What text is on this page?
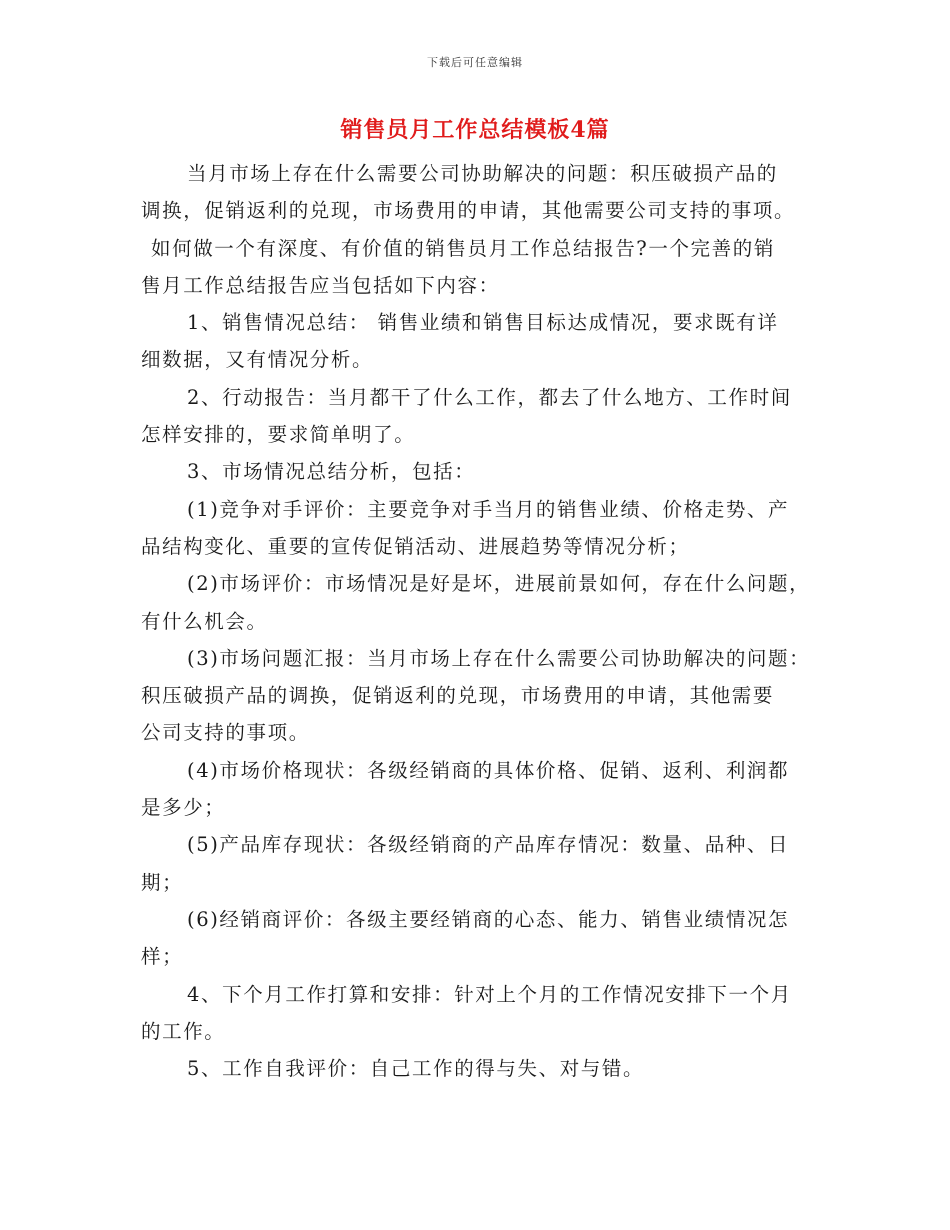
下载后可任意编辑
销售员月工作总结模板4篇
当月市场上存在什么需要公司协助解决的问题：积压破损产品的
调换，促销返利的兑现，市场费用的申请，其他需要公司支持的事项。
如何做一个有深度、有价值的销售员月工作总结报告?一个完善的销
售月工作总结报告应当包括如下内容：
1、销售情况总结： 销售业绩和销售目标达成情况，要求既有详
细数据，又有情况分析。
2、行动报告：当月都干了什么工作，都去了什么地方、工作时间
怎样安排的，要求简单明了。
3、市场情况总结分析，包括：
(1)竞争对手评价：主要竞争对手当月的销售业绩、价格走势、产
品结构变化、重要的宣传促销活动、进展趋势等情况分析；
(2)市场评价：市场情况是好是坏，进展前景如何，存在什么问题，
有什么机会。
(3)市场问题汇报：当月市场上存在什么需要公司协助解决的问题：
积压破损产品的调换，促销返利的兑现，市场费用的申请，其他需要
公司支持的事项。
(4)市场价格现状：各级经销商的具体价格、促销、返利、利润都
是多少；
(5)产品库存现状：各级经销商的产品库存情况：数量、品种、日
期；
(6)经销商评价：各级主要经销商的心态、能力、销售业绩情况怎
样；
4、下个月工作打算和安排：针对上个月的工作情况安排下一个月
的工作。
5、工作自我评价：自己工作的得与失、对与错。
